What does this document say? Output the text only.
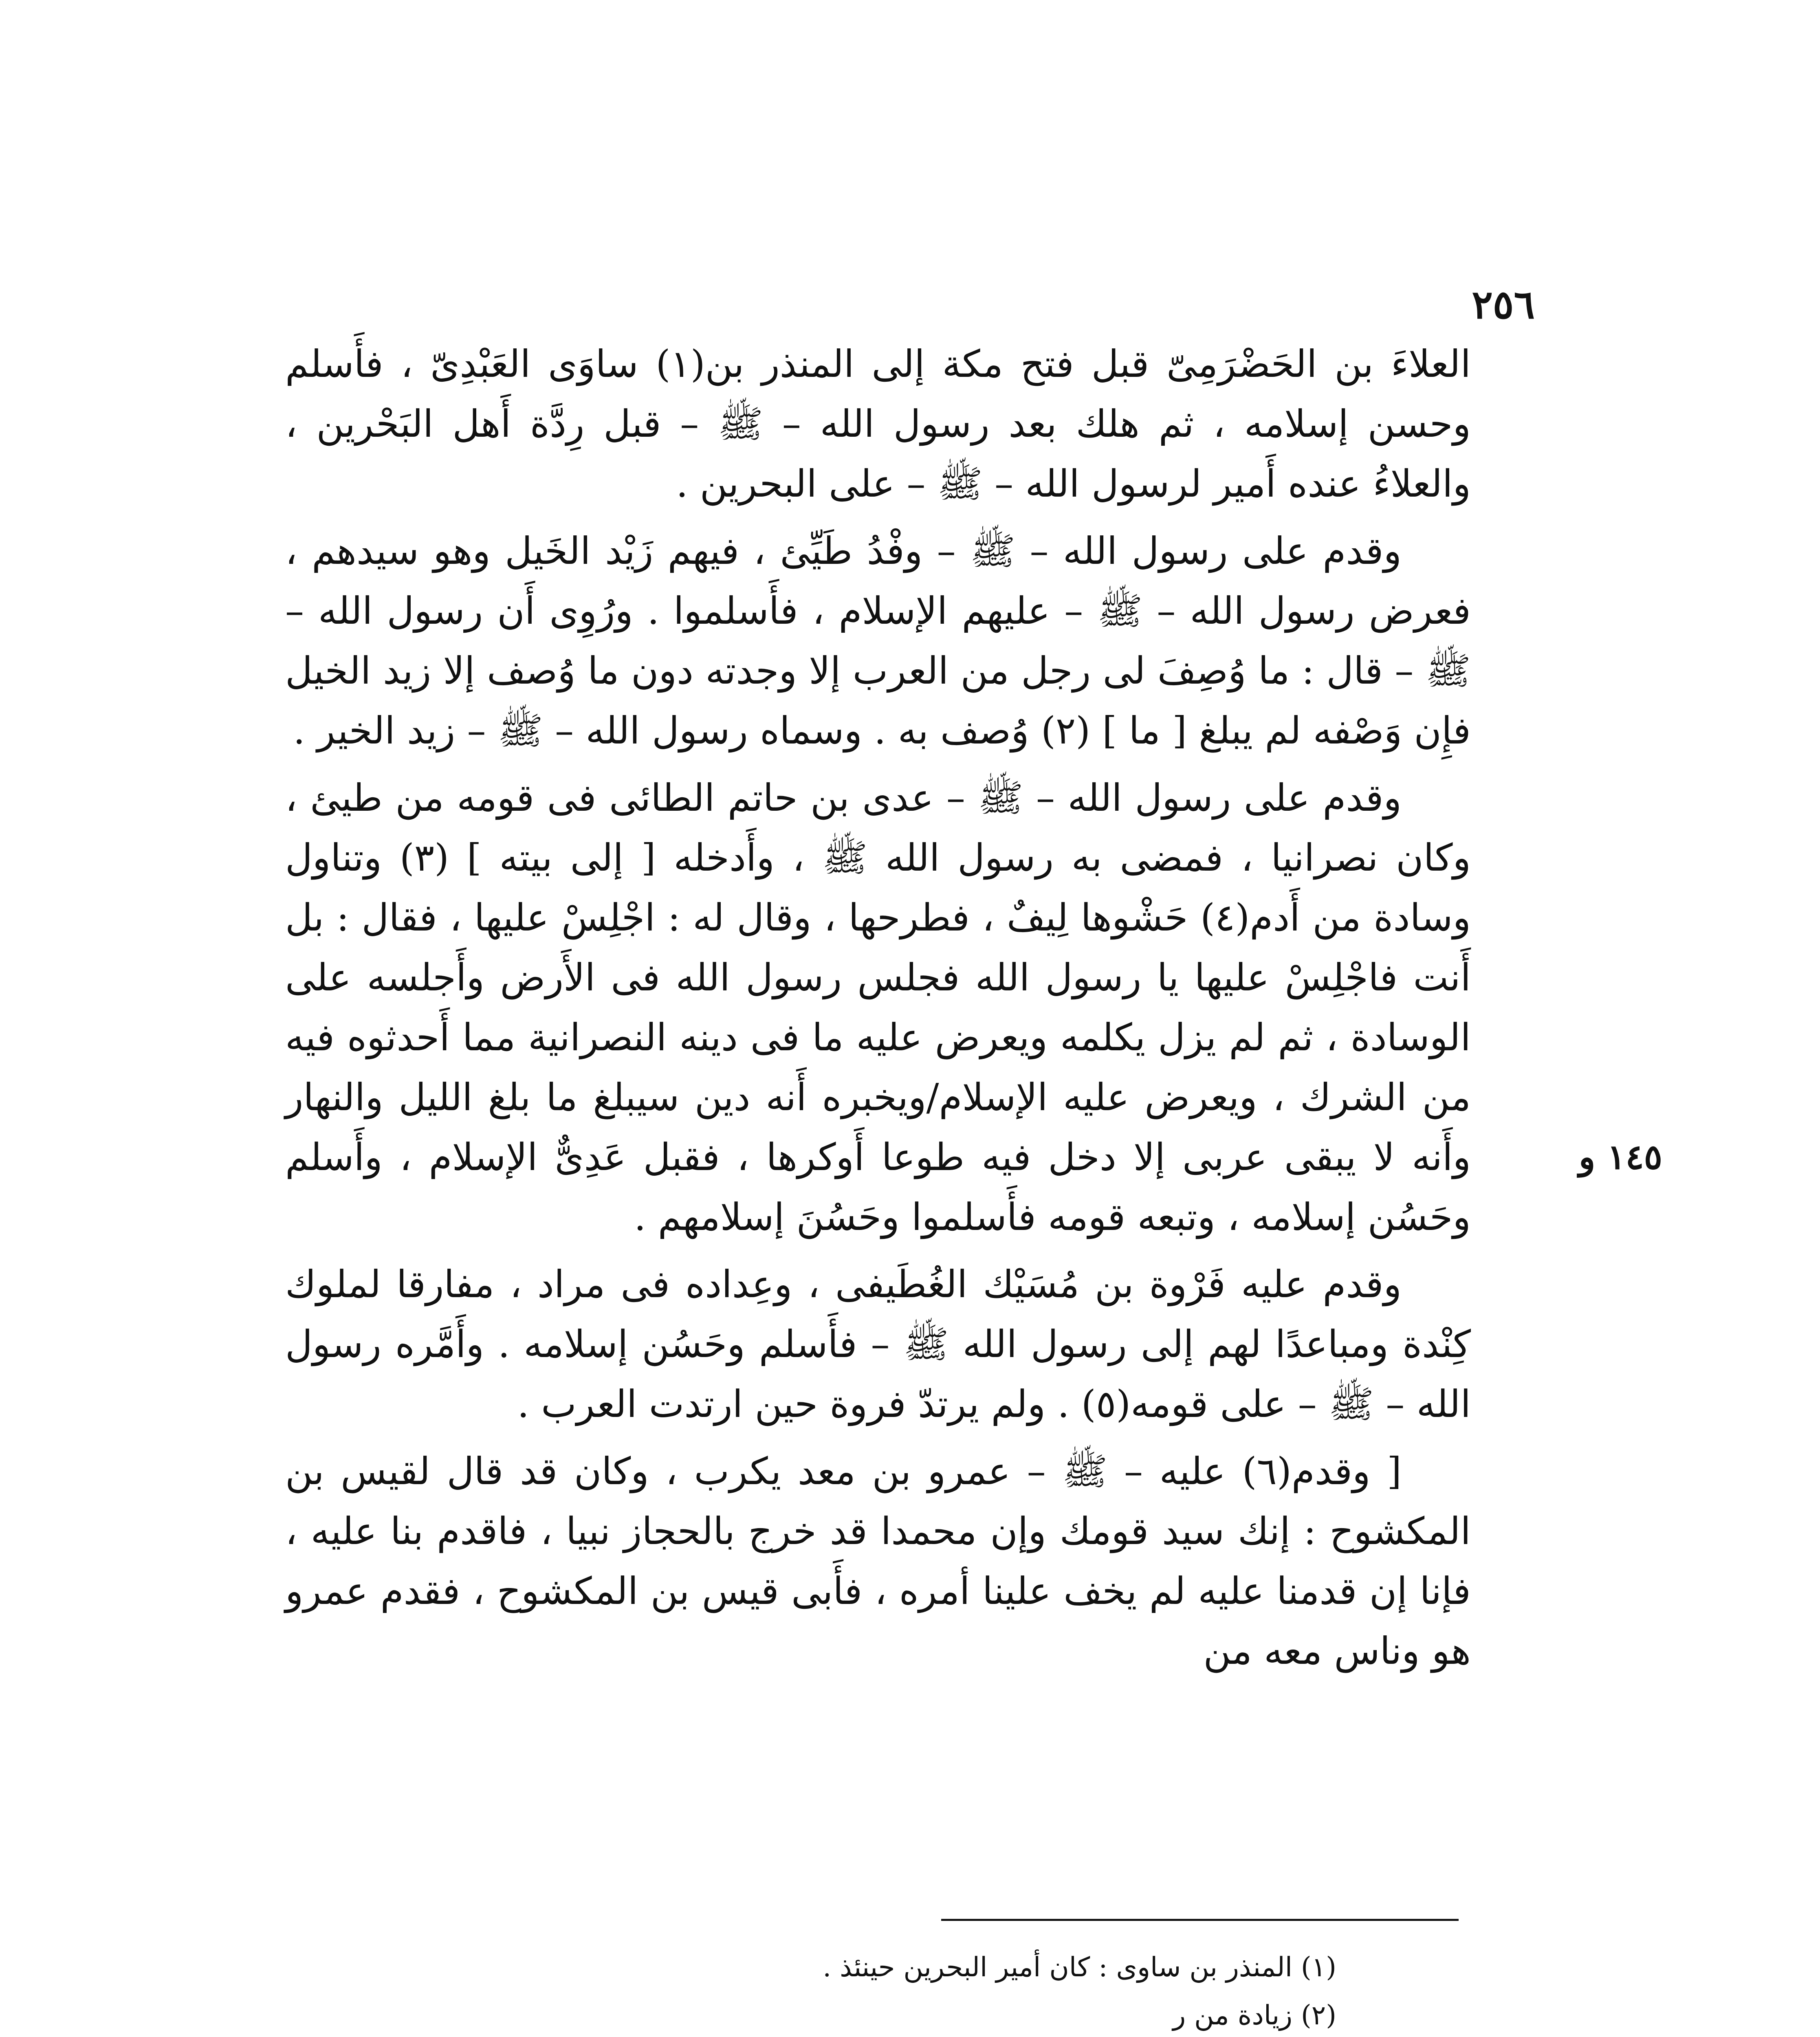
٢٥٦
١٤٥ و

العلاءَ بن الحَضْرَمِىّ قبل فتح مكة إلى المنذر بن(١) ساوَى العَبْدِىّ ، فأَسلم وحسن إسلامه ، ثم هلك بعد رسول الله – ﷺ – قبل رِدَّة أَهل البَحْرين ، والعلاءُ عنده أَمير لرسول الله – ﷺ – على البحرين .

وقدم على رسول الله – ﷺ – وفْدُ طَيِّئ ، فيهم زَيْد الخَيل وهو سيدهم ، فعرض رسول الله – ﷺ – عليهم الإسلام ، فأَسلموا . ورُوِى أَن رسول الله – ﷺ – قال : ما وُصِفَ لى رجل من العرب إلا وجدته دون ما وُصف إلا زيد الخيل فإِن وَصْفه لم يبلغ [ ما ] (٢) وُصف به . وسماه رسول الله – ﷺ – زيد الخير .

وقدم على رسول الله – ﷺ – عدى بن حاتم الطائى فى قومه من طيئ ، وكان نصرانيا ، فمضى به رسول الله ﷺ ، وأَدخله [ إلى بيته ] (٣) وتناول وسادة من أَدم(٤) حَشْوها لِيفٌ ، فطرحها ، وقال له : اجْلِسْ عليها ، فقال : بل أَنت فاجْلِسْ عليها يا رسول الله فجلس رسول الله فى الأَرض وأَجلسه على الوسادة ، ثم لم يزل يكلمه ويعرض عليه ما فى دينه النصرانية مما أَحدثوه فيه من الشرك ، ويعرض عليه الإسلام/ويخبره أَنه دين سيبلغ ما بلغ الليل والنهار وأَنه لا يبقى عربى إلا دخل فيه طوعا أَوكرها ، فقبل عَدِىٌّ الإسلام ، وأَسلم وحَسُن إسلامه ، وتبعه قومه فأَسلموا وحَسُنَ إسلامهم .

وقدم عليه فَرْوة بن مُسَيْك الغُطَيفى ، وعِداده فى مراد ، مفارقا لملوك كِنْدة ومباعدًا لهم إلى رسول الله ﷺ – فأَسلم وحَسُن إسلامه . وأَمَّره رسول الله – ﷺ – على قومه(٥) . ولم يرتدّ فروة حين ارتدت العرب .

[ وقدم(٦) عليه – ﷺ – عمرو بن معد يكرب ، وكان قد قال لقيس بن المكشوح : إنك سيد قومك وإن محمدا قد خرج بالحجاز نبيا ، فاقدم بنا عليه ، فإنا إن قدمنا عليه لم يخف علينا أمره ، فأَبى قيس بن المكشوح ، فقدم عمرو هو وناس معه من

(١) المنذر بن ساوى : كان أمير البحرين حينئذ .

(٢) زيادة من ر
